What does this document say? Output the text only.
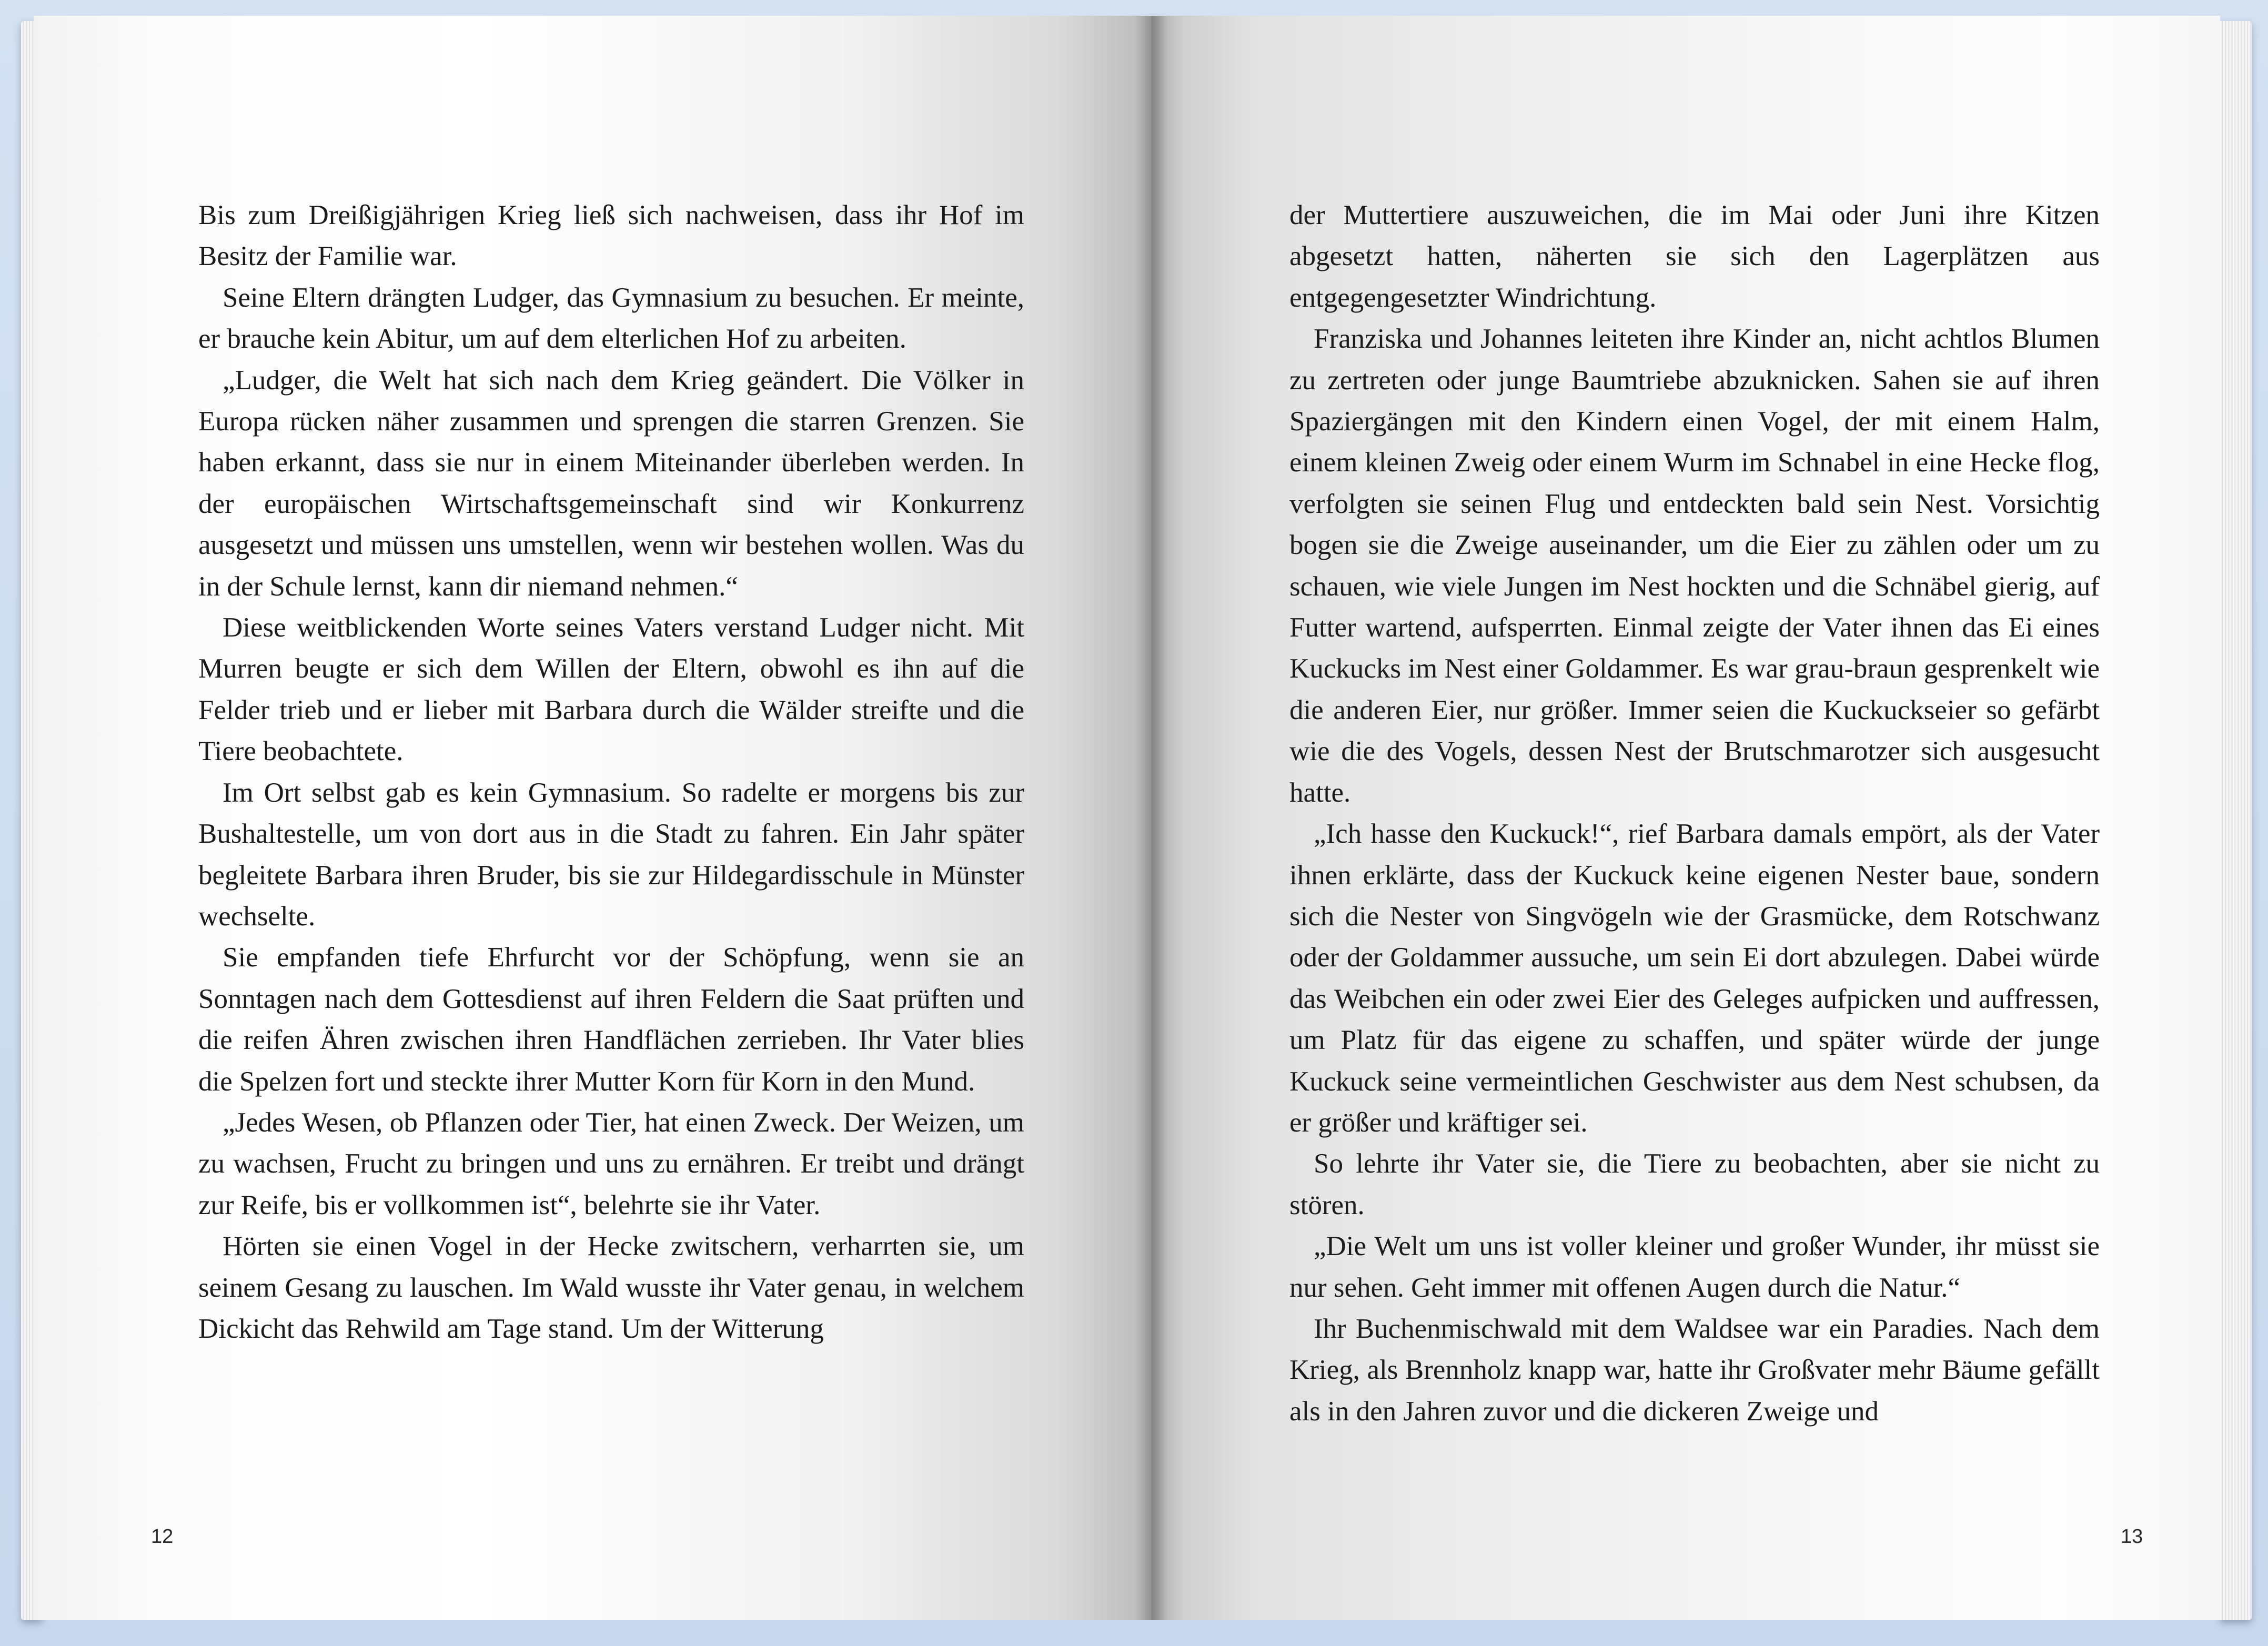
Bis zum Dreißigjährigen Krieg ließ sich nachweisen, dass ihr Hof im Besitz der Familie war.

Seine Eltern drängten Ludger, das Gymnasium zu besuchen. Er meinte, er brauche kein Abitur, um auf dem elterlichen Hof zu arbeiten.

„Ludger, die Welt hat sich nach dem Krieg geändert. Die Völker in Europa rücken näher zusammen und sprengen die starren Grenzen. Sie haben erkannt, dass sie nur in einem Miteinander überleben werden. In der europäischen Wirtschaftsgemeinschaft sind wir Konkurrenz ausgesetzt und müssen uns umstellen, wenn wir bestehen wollen. Was du in der Schule lernst, kann dir niemand nehmen.“

Diese weitblickenden Worte seines Vaters verstand Ludger nicht. Mit Murren beugte er sich dem Willen der Eltern, obwohl es ihn auf die Felder trieb und er lieber mit Barbara durch die Wälder streifte und die Tiere beobachtete.

Im Ort selbst gab es kein Gymnasium. So radelte er morgens bis zur Bushaltestelle, um von dort aus in die Stadt zu fahren. Ein Jahr später begleitete Barbara ihren Bruder, bis sie zur Hildegardisschule in Münster wechselte.

Sie empfanden tiefe Ehrfurcht vor der Schöpfung, wenn sie an Sonntagen nach dem Gottesdienst auf ihren Feldern die Saat prüften und die reifen Ähren zwischen ihren Handflächen zerrieben. Ihr Vater blies die Spelzen fort und steckte ihrer Mutter Korn für Korn in den Mund.

„Jedes Wesen, ob Pflanzen oder Tier, hat einen Zweck. Der Weizen, um zu wachsen, Frucht zu bringen und uns zu ernähren. Er treibt und drängt zur Reife, bis er vollkommen ist“, belehrte sie ihr Vater.

Hörten sie einen Vogel in der Hecke zwitschern, verharrten sie, um seinem Gesang zu lauschen. Im Wald wusste ihr Vater genau, in welchem Dickicht das Rehwild am Tage stand. Um der Witterung

12

der Muttertiere auszuweichen, die im Mai oder Juni ihre Kitzen abgesetzt hatten, näherten sie sich den Lagerplätzen aus entgegengesetzter Windrichtung.

Franziska und Johannes leiteten ihre Kinder an, nicht achtlos Blumen zu zertreten oder junge Baumtriebe abzuknicken. Sahen sie auf ihren Spaziergängen mit den Kindern einen Vogel, der mit einem Halm, einem kleinen Zweig oder einem Wurm im Schnabel in eine Hecke flog, verfolgten sie seinen Flug und entdeckten bald sein Nest. Vorsichtig bogen sie die Zweige auseinander, um die Eier zu zählen oder um zu schauen, wie viele Jungen im Nest hockten und die Schnäbel gierig, auf Futter wartend, aufsperrten. Einmal zeigte der Vater ihnen das Ei eines Kuckucks im Nest einer Goldammer. Es war grau-braun gesprenkelt wie die anderen Eier, nur größer. Immer seien die Kuckuckseier so gefärbt wie die des Vogels, dessen Nest der Brutschmarotzer sich ausgesucht hatte.

„Ich hasse den Kuckuck!“, rief Barbara damals empört, als der Vater ihnen erklärte, dass der Kuckuck keine eigenen Nester baue, sondern sich die Nester von Singvögeln wie der Grasmücke, dem Rotschwanz oder der Goldammer aussuche, um sein Ei dort abzulegen. Dabei würde das Weibchen ein oder zwei Eier des Geleges aufpicken und auffressen, um Platz für das eigene zu schaffen, und später würde der junge Kuckuck seine vermeintlichen Geschwister aus dem Nest schubsen, da er größer und kräftiger sei.

So lehrte ihr Vater sie, die Tiere zu beobachten, aber sie nicht zu stören.

„Die Welt um uns ist voller kleiner und großer Wunder, ihr müsst sie nur sehen. Geht immer mit offenen Augen durch die Natur.“

Ihr Buchenmischwald mit dem Waldsee war ein Paradies. Nach dem Krieg, als Brennholz knapp war, hatte ihr Großvater mehr Bäume gefällt als in den Jahren zuvor und die dickeren Zweige und

13
